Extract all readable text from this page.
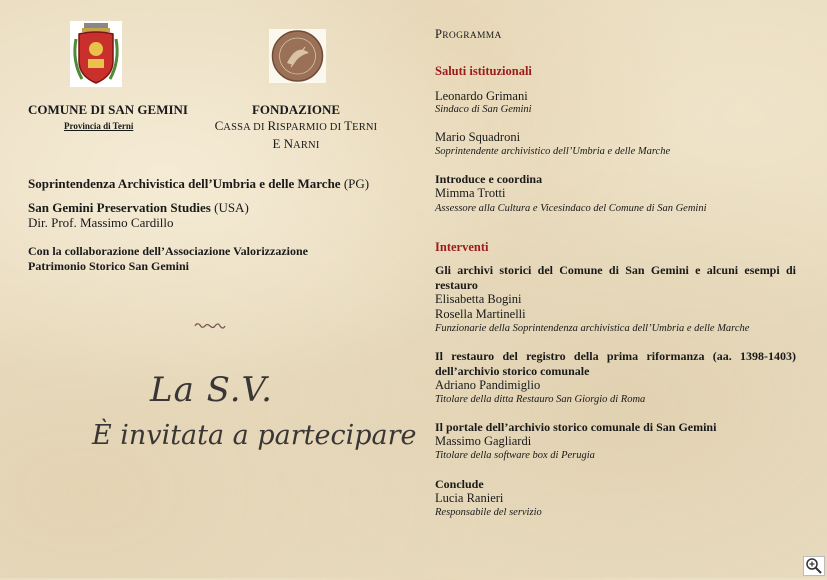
COMUNE DI SAN GEMINI
Provincia di Terni
FONDAZIONE
CASSA DI RISPARMIO DI TERNI
E NARNI
Soprintendenza Archivistica dell’Umbria e delle Marche (PG)
San Gemini Preservation Studies (USA)
Dir. Prof. Massimo Cardillo
Con la collaborazione dell’Associazione Valorizzazione
Patrimonio Storico San Gemini
La S.V.
È invitata a partecipare
PROGRAMMA
Saluti istituzionali
Leonardo Grimani
Sindaco di San Gemini
Mario Squadroni
Soprintendente archivistico dell’Umbria e delle Marche
Introduce e coordina
Mimma Trotti
Assessore alla Cultura e Vicesindaco del Comune di San Gemini
Interventi
Gli archivi storici del Comune di San Gemini e alcuni esempi di
restauro
Elisabetta Bogini
Rosella Martinelli
Funzionarie della Soprintendenza archivistica dell’Umbria e delle Marche
Il restauro del registro della prima riformanza (aa. 1398-1403)
dell’archivio storico comunale
Adriano Pandimiglio
Titolare della ditta Restauro San Giorgio di Roma
Il portale dell’archivio storico comunale di San Gemini
Massimo Gagliardi
Titolare della software box di Perugia
Conclude
Lucia Ranieri
Responsabile del servizio
